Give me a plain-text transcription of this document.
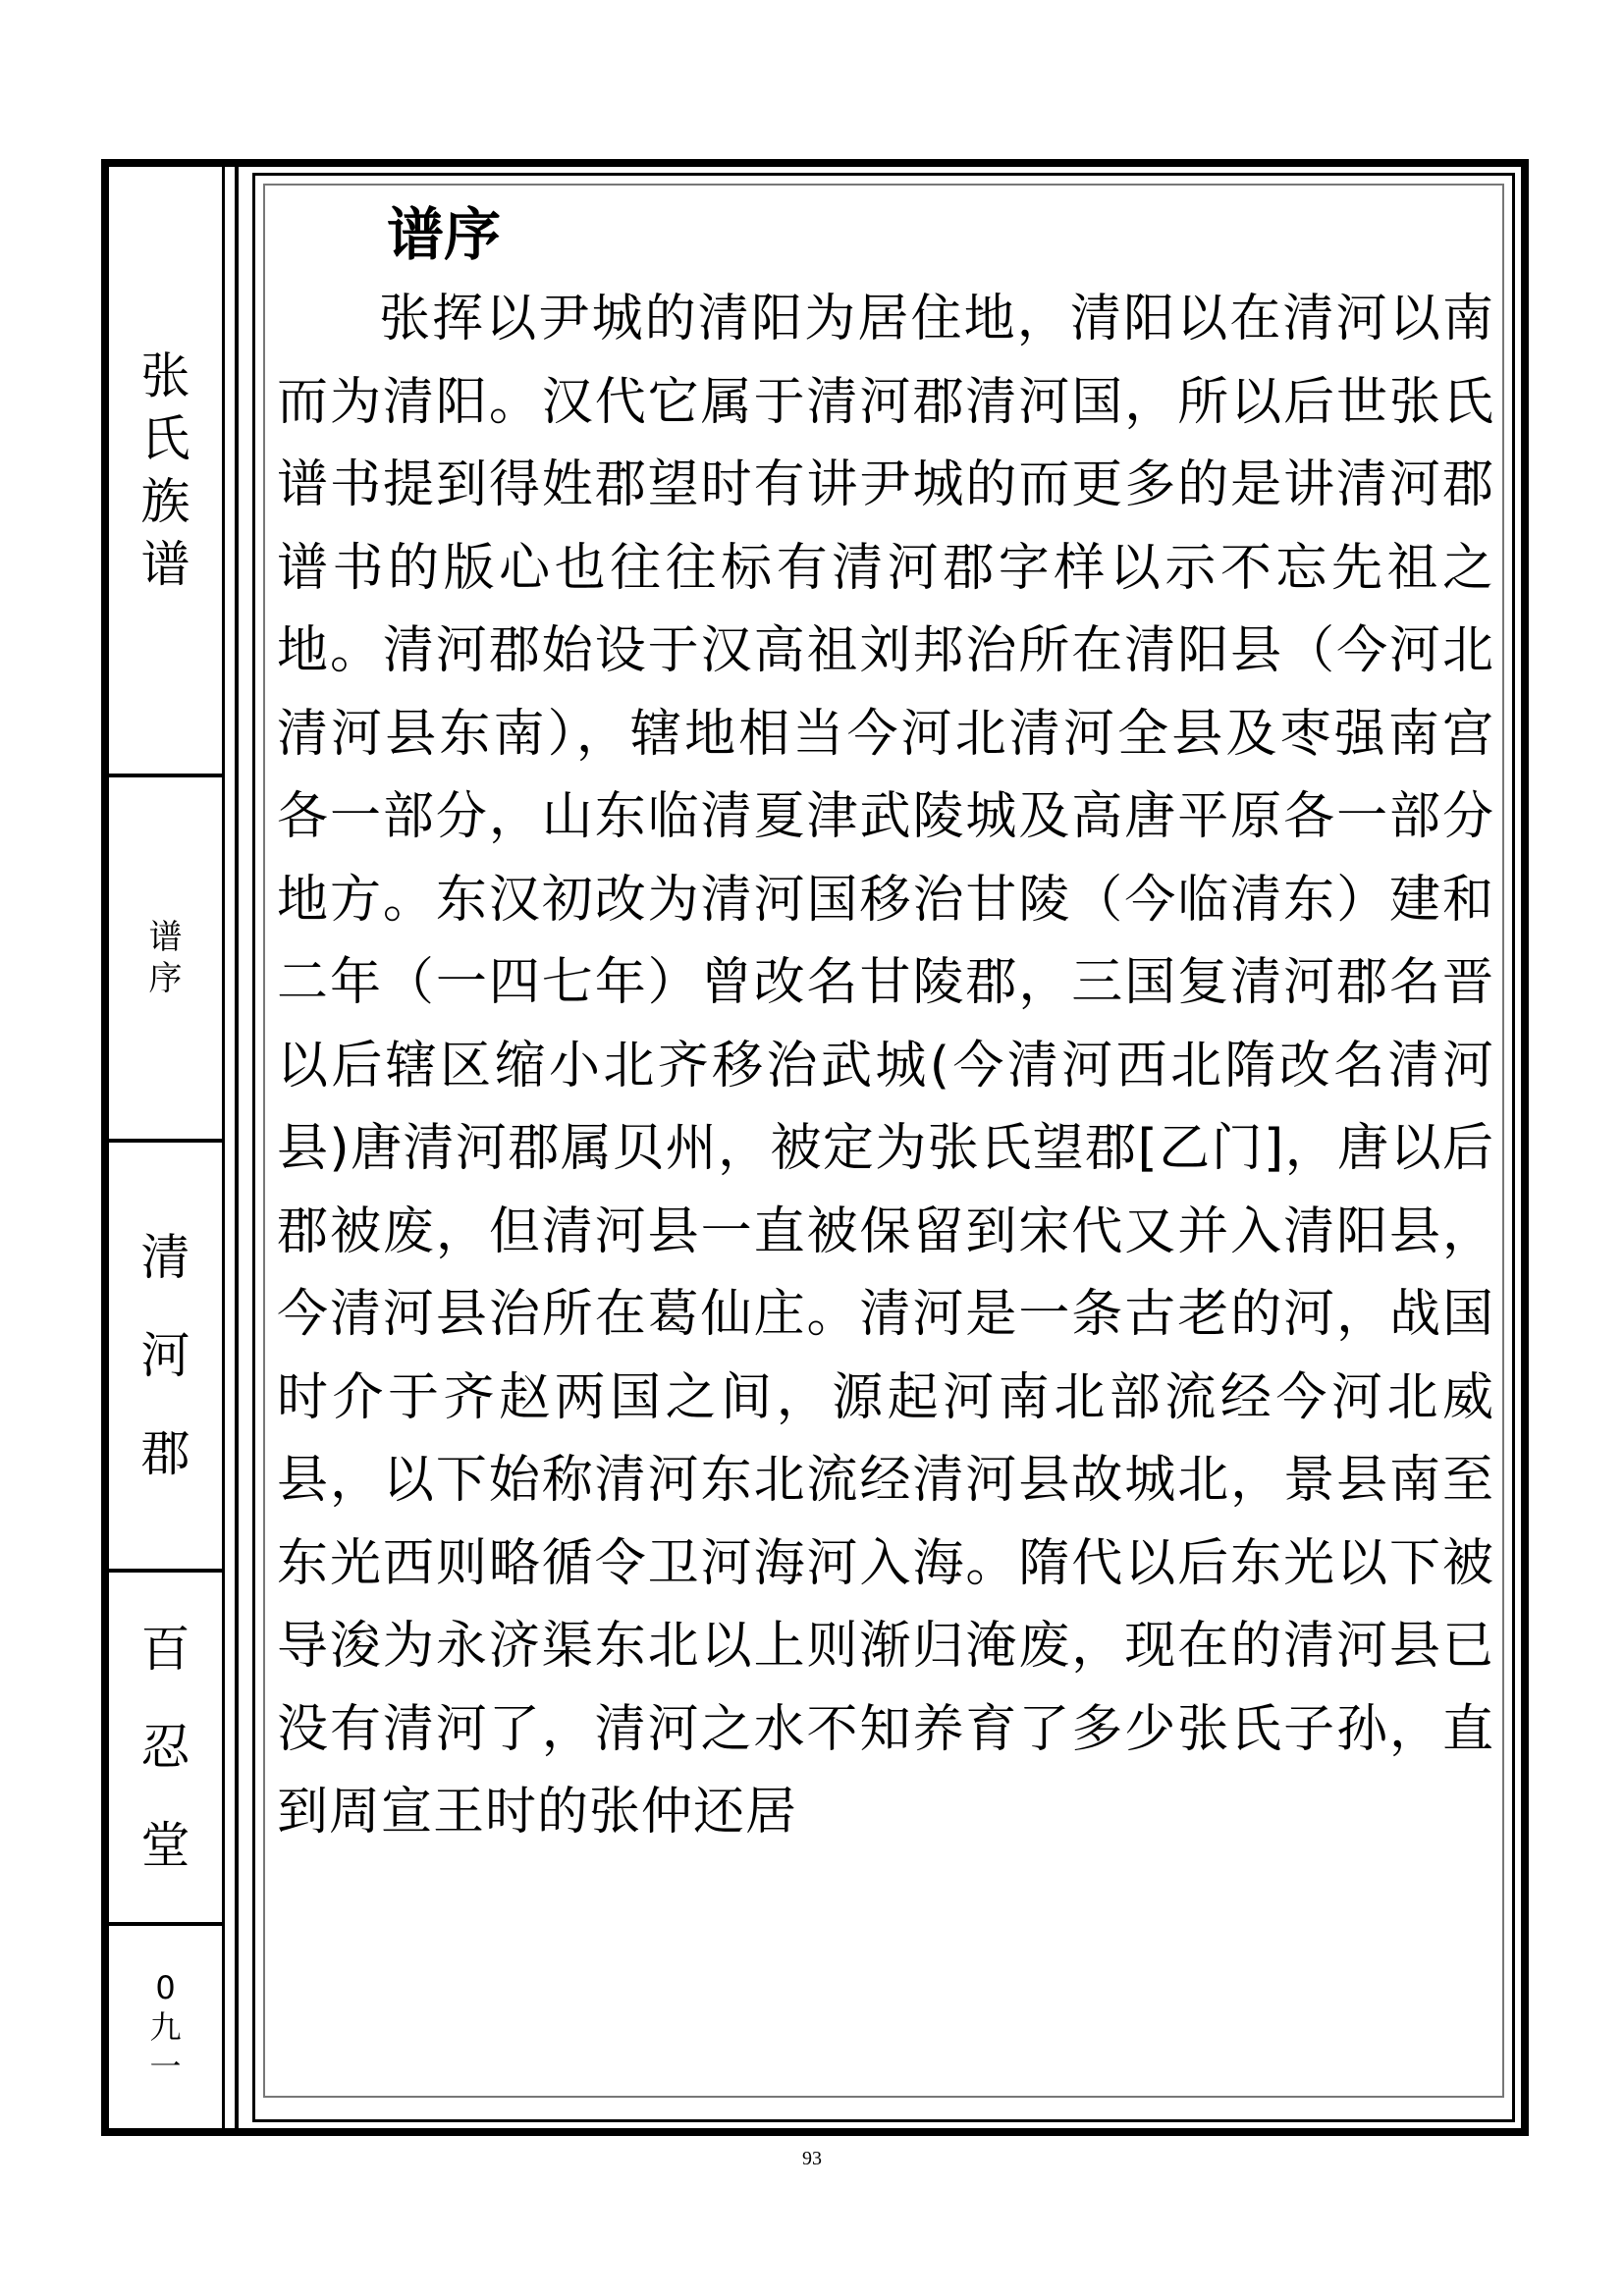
张
氏
族
谱
谱
序
清
河
郡
百
忍
堂
0
九
一
谱序

张挥以尹城的清阳为居住地，清阳以在清河以南而为清阳。汉代它属于清河郡清河国，所以后世张氏谱书提到得姓郡望时有讲尹城的而更多的是讲清河郡谱书的版心也往往标有清河郡字样以示不忘先祖之地。清河郡始设于汉高祖刘邦治所在清阳县（今河北清河县东南），辖地相当今河北清河全县及枣强南宫各一部分，山东临清夏津武陵城及高唐平原各一部分地方。东汉初改为清河国移治甘陵（今临清东）建和二年（一四七年）曾改名甘陵郡，三国复清河郡名晋以后辖区缩小北齐移治武城(今清河西北隋改名清河县)唐清河郡属贝州，被定为张氏望郡[乙门]，唐以后郡被废，但清河县一直被保留到宋代又并入清阳县，今清河县治所在葛仙庄。清河是一条古老的河，战国时介于齐赵两国之间，源起河南北部流经今河北威县，以下始称清河东北流经清河县故城北，景县南至东光西则略循令卫河海河入海。隋代以后东光以下被导浚为永济渠东北以上则渐归淹废，现在的清河县已没有清河了，清河之水不知养育了多少张氏子孙，直到周宣王时的张仲还居

93
